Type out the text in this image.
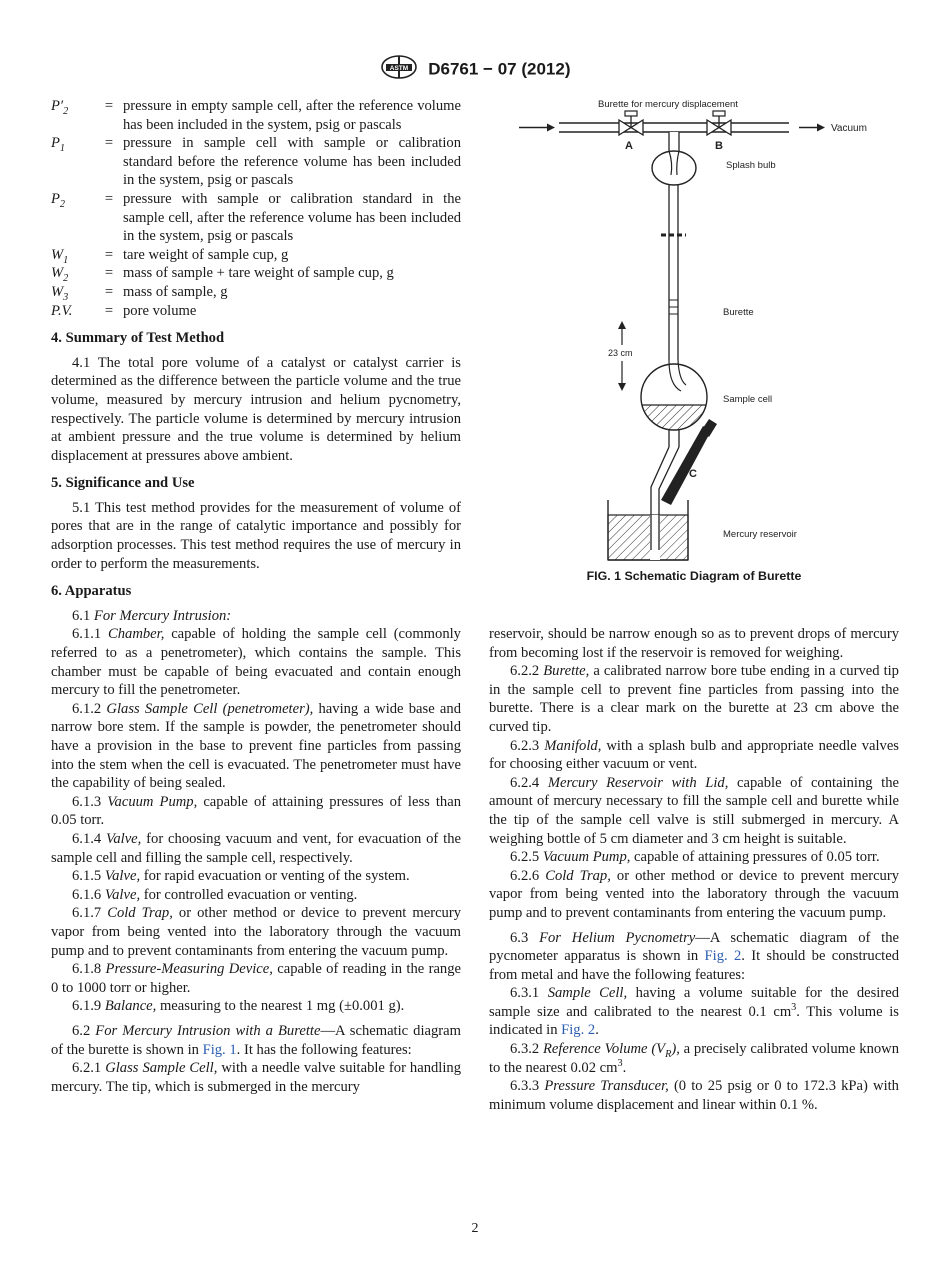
ASTM D6761 − 07 (2012)
$P'_2$	=	pressure in empty sample cell, after the reference volume has been included in the system, psig or pascals
$P_1$	=	pressure in sample cell with sample or calibration standard before the reference volume has been included in the system, psig or pascals
$P_2$	=	pressure with sample or calibration standard in the sample cell, after the reference volume has been included in the system, psig or pascals
$W_1$	=	tare weight of sample cup, g
$W_2$	=	mass of sample + tare weight of sample cup, g
$W_3$	=	mass of sample, g
P.V.	=	pore volume
4. Summary of Test Method

4.1 The total pore volume of a catalyst or catalyst carrier is determined as the difference between the particle volume and the true volume, measured by mercury intrusion and helium pycnometry, respectively. The particle volume is determined by mercury intrusion at ambient pressure and the true volume is determined by helium displacement at pressures above ambient.

5. Significance and Use

5.1 This test method provides for the measurement of volume of pores that are in the range of catalytic importance and possibly for adsorption processes. This test method requires the use of mercury in order to perform the measurements.

6. Apparatus

6.1 For Mercury Intrusion:

6.1.1 Chamber, capable of holding the sample cell (commonly referred to as a penetrometer), which contains the sample. This chamber must be capable of being evacuated and contain enough mercury to fill the penetrometer.

6.1.2 Glass Sample Cell (penetrometer), having a wide base and narrow bore stem. If the sample is powder, the penetrometer should have a provision in the base to prevent fine particles from passing into the stem when the cell is evacuated. The penetrometer must have the capability of being sealed.

6.1.3 Vacuum Pump, capable of attaining pressures of less than 0.05 torr.

6.1.4 Valve, for choosing vacuum and vent, for evacuation of the sample cell and filling the sample cell, respectively.

6.1.5 Valve, for rapid evacuation or venting of the system.

6.1.6 Valve, for controlled evacuation or venting.

6.1.7 Cold Trap, or other method or device to prevent mercury vapor from being vented into the laboratory through the vacuum pump and to prevent contaminants from entering the vacuum pump.

6.1.8 Pressure-Measuring Device, capable of reading in the range 0 to 1000 torr or higher.

6.1.9 Balance, measuring to the nearest 1 mg (±0.001 g).

6.2 For Mercury Intrusion with a Burette—A schematic diagram of the burette is shown in Fig. 1. It has the following features:

6.2.1 Glass Sample Cell, with a needle valve suitable for handling mercury. The tip, which is submerged in the mercury

Burette for mercury displacement
Vacuum
A	B
Splash bulb
Burette
23 cm
Sample cell
C
Mercury reservoir
FIG. 1 Schematic Diagram of Burette

reservoir, should be narrow enough so as to prevent drops of mercury from becoming lost if the reservoir is removed for weighing.

6.2.2 Burette, a calibrated narrow bore tube ending in a curved tip in the sample cell to prevent fine particles from passing into the burette. There is a clear mark on the burette at 23 cm above the curved tip.

6.2.3 Manifold, with a splash bulb and appropriate needle valves for choosing either vacuum or vent.

6.2.4 Mercury Reservoir with Lid, capable of containing the amount of mercury necessary to fill the sample cell and burette while the tip of the sample cell valve is still submerged in mercury. A weighing bottle of 5 cm diameter and 3 cm height is suitable.

6.2.5 Vacuum Pump, capable of attaining pressures of 0.05 torr.

6.2.6 Cold Trap, or other method or device to prevent mercury vapor from being vented into the laboratory through the vacuum pump and to prevent contaminants from entering the vacuum pump.

6.3 For Helium Pycnometry—A schematic diagram of the pycnometer apparatus is shown in Fig. 2. It should be constructed from metal and have the following features:

6.3.1 Sample Cell, having a volume suitable for the desired sample size and calibrated to the nearest 0.1 $cm^3$. This volume is indicated in Fig. 2.

6.3.2 Reference Volume $(V_R)$, a precisely calibrated volume known to the nearest 0.02 $cm^3$.

6.3.3 Pressure Transducer, (0 to 25 psig or 0 to 172.3 kPa) with minimum volume displacement and linear within 0.1 %.

2
